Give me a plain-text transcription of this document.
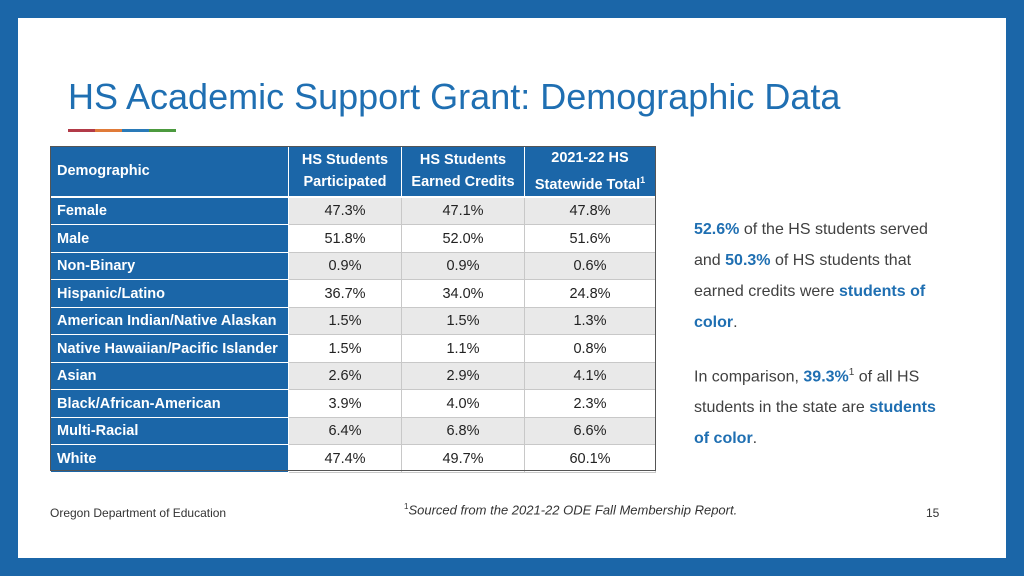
HS Academic Support Grant: Demographic Data
Demographic	HS Students Participated	HS Students Earned Credits	2021-22 HS Statewide Total$^1$
Female	47.3%	47.1%	47.8%
Male	51.8%	52.0%	51.6%
Non-Binary	0.9%	0.9%	0.6%
Hispanic/Latino	36.7%	34.0%	24.8%
American Indian/Native Alaskan	1.5%	1.5%	1.3%
Native Hawaiian/Pacific Islander	1.5%	1.1%	0.8%
Asian	2.6%	2.9%	4.1%
Black/African-American	3.9%	4.0%	2.3%
Multi-Racial	6.4%	6.8%	6.6%
White	47.4%	49.7%	60.1%
52.6% of the HS students served and 50.3% of HS students that earned credits were students of color.
In comparison, 39.3%$^1$ of all HS students in the state are students of color.
Oregon Department of Education	$^1$Sourced from the 2021-22 ODE Fall Membership Report.	15
